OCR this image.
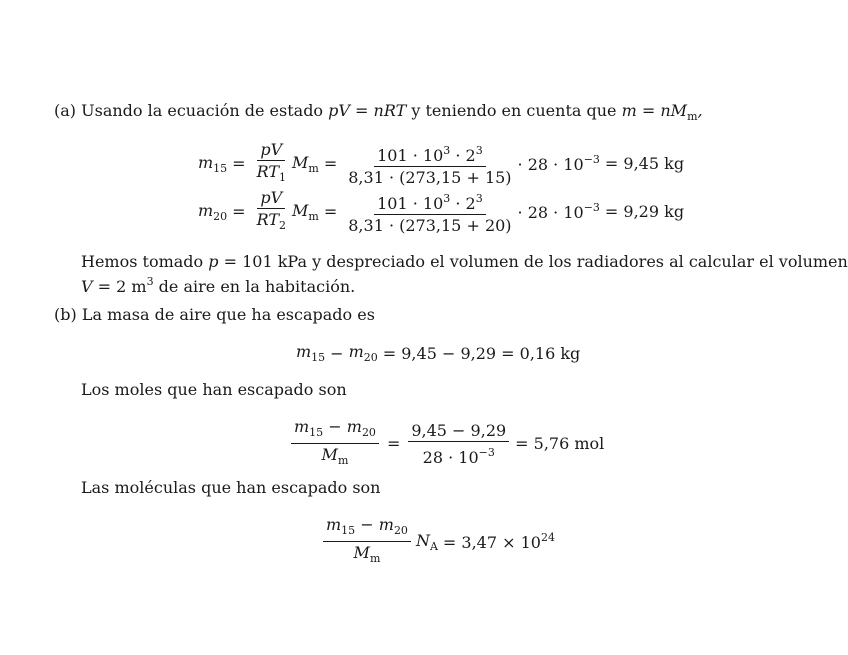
(a) Usando la ecuación de estado pV = nRT y teniendo en cuenta que $m = nM_m$,
$m_{15} = \frac{pV}{RT_1} M_m = \frac{101 \cdot 10^3 \cdot 2^3}{8,31 \cdot (273,15 + 15)} \cdot 28 \cdot 10^{-3} = 9,45$ kg
$m_{20} = \frac{pV}{RT_2} M_m = \frac{101 \cdot 10^3 \cdot 2^3}{8,31 \cdot (273,15 + 20)} \cdot 28 \cdot 10^{-3} = 9,29$ kg
Hemos tomado p = 101 kPa y despreciado el volumen de los radiadores al calcular el volumen
V = 2 $m^3$ de aire en la habitación.
(b) La masa de aire que ha escapado es
$m_{15} - m_{20} = 9,45 - 9,29 = 0,16$ kg
Los moles que han escapado son
$\frac{m_{15} - m_{20}}{M_m} = \frac{9,45 - 9,29}{28 \cdot 10^{-3}} = 5,76$ mol
Las moléculas que han escapado son
$\frac{m_{15} - m_{20}}{M_m} N_A = 3,47 \times 10^{24}$
